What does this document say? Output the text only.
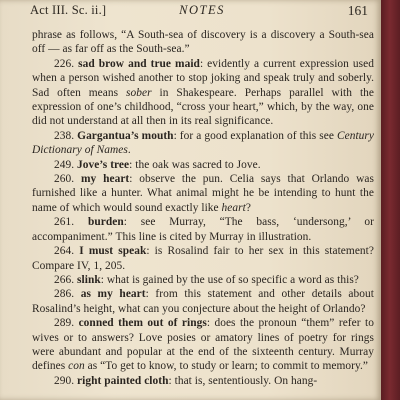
Act III. Sc. ii.]	NOTES	161

phrase as follows, “A South-sea of discovery is a discovery a South-sea off — as far off as the South-sea.”

226. sad brow and true maid: evidently a current expression used when a person wished another to stop joking and speak truly and soberly. Sad often means sober in Shakespeare. Perhaps parallel with the expression of one’s childhood, “cross your heart,” which, by the way, one did not understand at all then in its real significance.

238. Gargantua’s mouth: for a good explanation of this see Century Dictionary of Names.

249. Jove’s tree: the oak was sacred to Jove.

260. my heart: observe the pun. Celia says that Orlando was furnished like a hunter. What animal might he be intending to hunt the name of which would sound exactly like heart?

261. burden: see Murray, “The bass, ‘undersong,’ or accompaniment.” This line is cited by Murray in illustration.

264. I must speak: is Rosalind fair to her sex in this statement? Compare IV, 1, 205.

266. slink: what is gained by the use of so specific a word as this?

286. as my heart: from this statement and other details about Rosalind’s height, what can you conjecture about the height of Orlando?

289. conned them out of rings: does the pronoun “them” refer to wives or to answers? Love posies or amatory lines of poetry for rings were abundant and popular at the end of the sixteenth century. Murray defines con as “To get to know, to study or learn; to commit to memory.”

290. right painted cloth: that is, sententiously. On hang-
